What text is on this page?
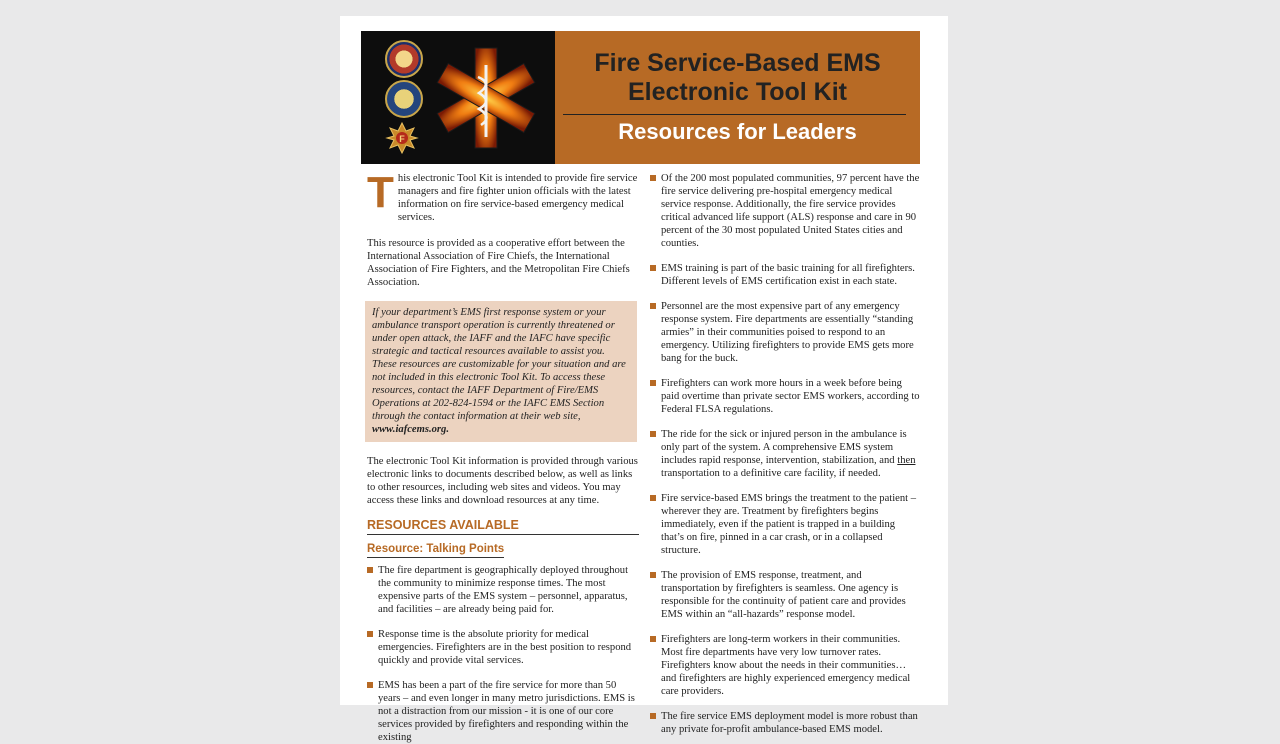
F
Fire Service-Based EMS
Electronic Tool Kit
Resources for Leaders

This electronic Tool Kit is intended to provide fire service managers and fire fighter union officials with the latest information on fire service-based emergency medical services.

This resource is provided as a cooperative effort between the International Association of Fire Chiefs, the International Association of Fire Fighters, and the Metropolitan Fire Chiefs Association.

If your department’s EMS first response system or your ambulance transport operation is currently threatened or under open attack, the IAFF and the IAFC have specific strategic and tactical resources available to assist you. These resources are customizable for your situation and are not included in this electronic Tool Kit. To access these resources, contact the IAFF Department of Fire/EMS Operations at 202-824-1594 or the IAFC EMS Section through the contact information at their web site, www.iafcems.org.

The electronic Tool Kit information is provided through various electronic links to documents described below, as well as links to other resources, including web sites and videos. You may access these links and download resources at any time.

RESOURCES AVAILABLE
Resource: Talking Points
The fire department is geographically deployed throughout the community to minimize response times. The most expensive parts of the EMS system – personnel, apparatus, and facilities – are already being paid for.
Response time is the absolute priority for medical emergencies. Firefighters are in the best position to respond quickly and provide vital services.
EMS has been a part of the fire service for more than 50 years – and even longer in many metro jurisdictions. EMS is not a distraction from our mission - it is one of our core services provided by firefighters and responding within the existing
Of the 200 most populated communities, 97 percent have the fire service delivering pre-hospital emergency medical service response. Additionally, the fire service provides critical advanced life support (ALS) response and care in 90 percent of the 30 most populated United States cities and counties.
EMS training is part of the basic training for all firefighters. Different levels of EMS certification exist in each state.
Personnel are the most expensive part of any emergency response system. Fire departments are essentially “standing armies” in their communities poised to respond to an emergency. Utilizing firefighters to provide EMS gets more bang for the buck.
Firefighters can work more hours in a week before being paid overtime than private sector EMS workers, according to Federal FLSA regulations.
The ride for the sick or injured person in the ambulance is only part of the system. A comprehensive EMS system includes rapid response, intervention, stabilization, and then transportation to a definitive care facility, if needed.
Fire service-based EMS brings the treatment to the patient – wherever they are. Treatment by firefighters begins immediately, even if the patient is trapped in a building that’s on fire, pinned in a car crash, or in a collapsed structure.
The provision of EMS response, treatment, and transportation by firefighters is seamless. One agency is responsible for the continuity of patient care and provides EMS within an “all-hazards” response model.
Firefighters are long-term workers in their communities. Most fire departments have very low turnover rates. Firefighters know about the needs in their communities…and firefighters are highly experienced emergency medical care providers.
The fire service EMS deployment model is more robust than any private for-profit ambulance-based EMS model.
